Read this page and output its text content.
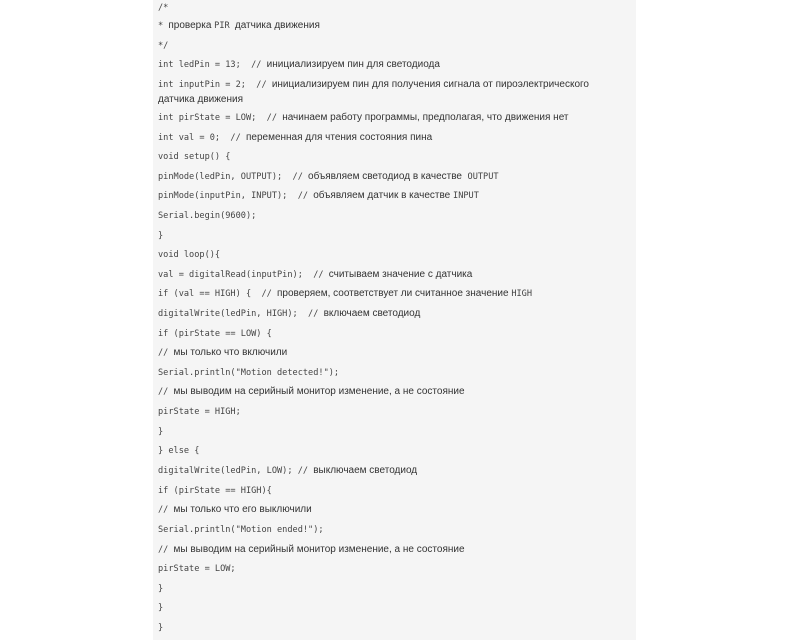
/*
* проверка PIR датчика движения
*/
int ledPin = 13;  // инициализируем пин для светодиода
int inputPin = 2;  // инициализируем пин для получения сигнала от пироэлектрического датчика движения
int pirState = LOW;  // начинаем работу программы, предполагая, что движения нет
int val = 0;  // переменная для чтения состояния пина
void setup() {
pinMode(ledPin, OUTPUT);  // объявляем светодиод в качестве  OUTPUT
pinMode(inputPin, INPUT);  // объявляем датчик в качестве INPUT
Serial.begin(9600);
}
void loop(){
val = digitalRead(inputPin);  // считываем значение с датчика
if (val == HIGH) {  // проверяем, соответствует ли считанное значение HIGH
digitalWrite(ledPin, HIGH);  // включаем светодиод
if (pirState == LOW) {
// мы только что включили
Serial.println("Motion detected!");
// мы выводим на серийный монитор изменение, а не состояние
pirState = HIGH;
}
} else {
digitalWrite(ledPin, LOW); // выключаем светодиод
if (pirState == HIGH){
// мы только что его выключили
Serial.println("Motion ended!");
// мы выводим на серийный монитор изменение, а не состояние
pirState = LOW;
}
}
}
